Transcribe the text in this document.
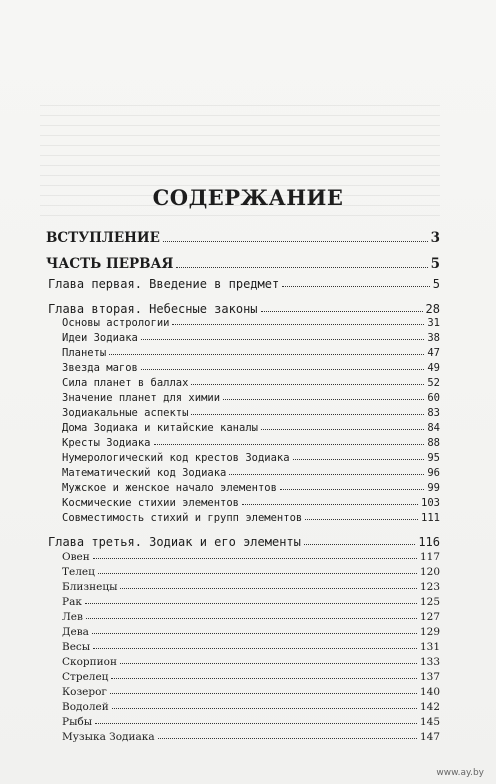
СОДЕРЖАНИЕ
ВСТУПЛЕНИЕ	3
ЧАСТЬ ПЕРВАЯ	5
Глава первая. Введение в предмет	5
Глава вторая. Небесные законы	28
Основы астрологии	31
Идеи Зодиака	38
Планеты	47
Звезда магов	49
Сила планет в баллах	52
Значение планет для химии	60
Зодиакальные аспекты	83
Дома Зодиака и китайские каналы	84
Кресты Зодиака	88
Нумерологический код крестов Зодиака	95
Математический код Зодиака	96
Мужское и женское начало элементов	99
Космические стихии элементов	103
Совместимость стихий и групп элементов	111
Глава третья. Зодиак и его элементы	116
Овен	117
Телец	120
Близнецы	123
Рак	125
Лев	127
Дева	129
Весы	131
Скорпион	133
Стрелец	137
Козерог	140
Водолей	142
Рыбы	145
Музыка Зодиака	147
www.ay.by
